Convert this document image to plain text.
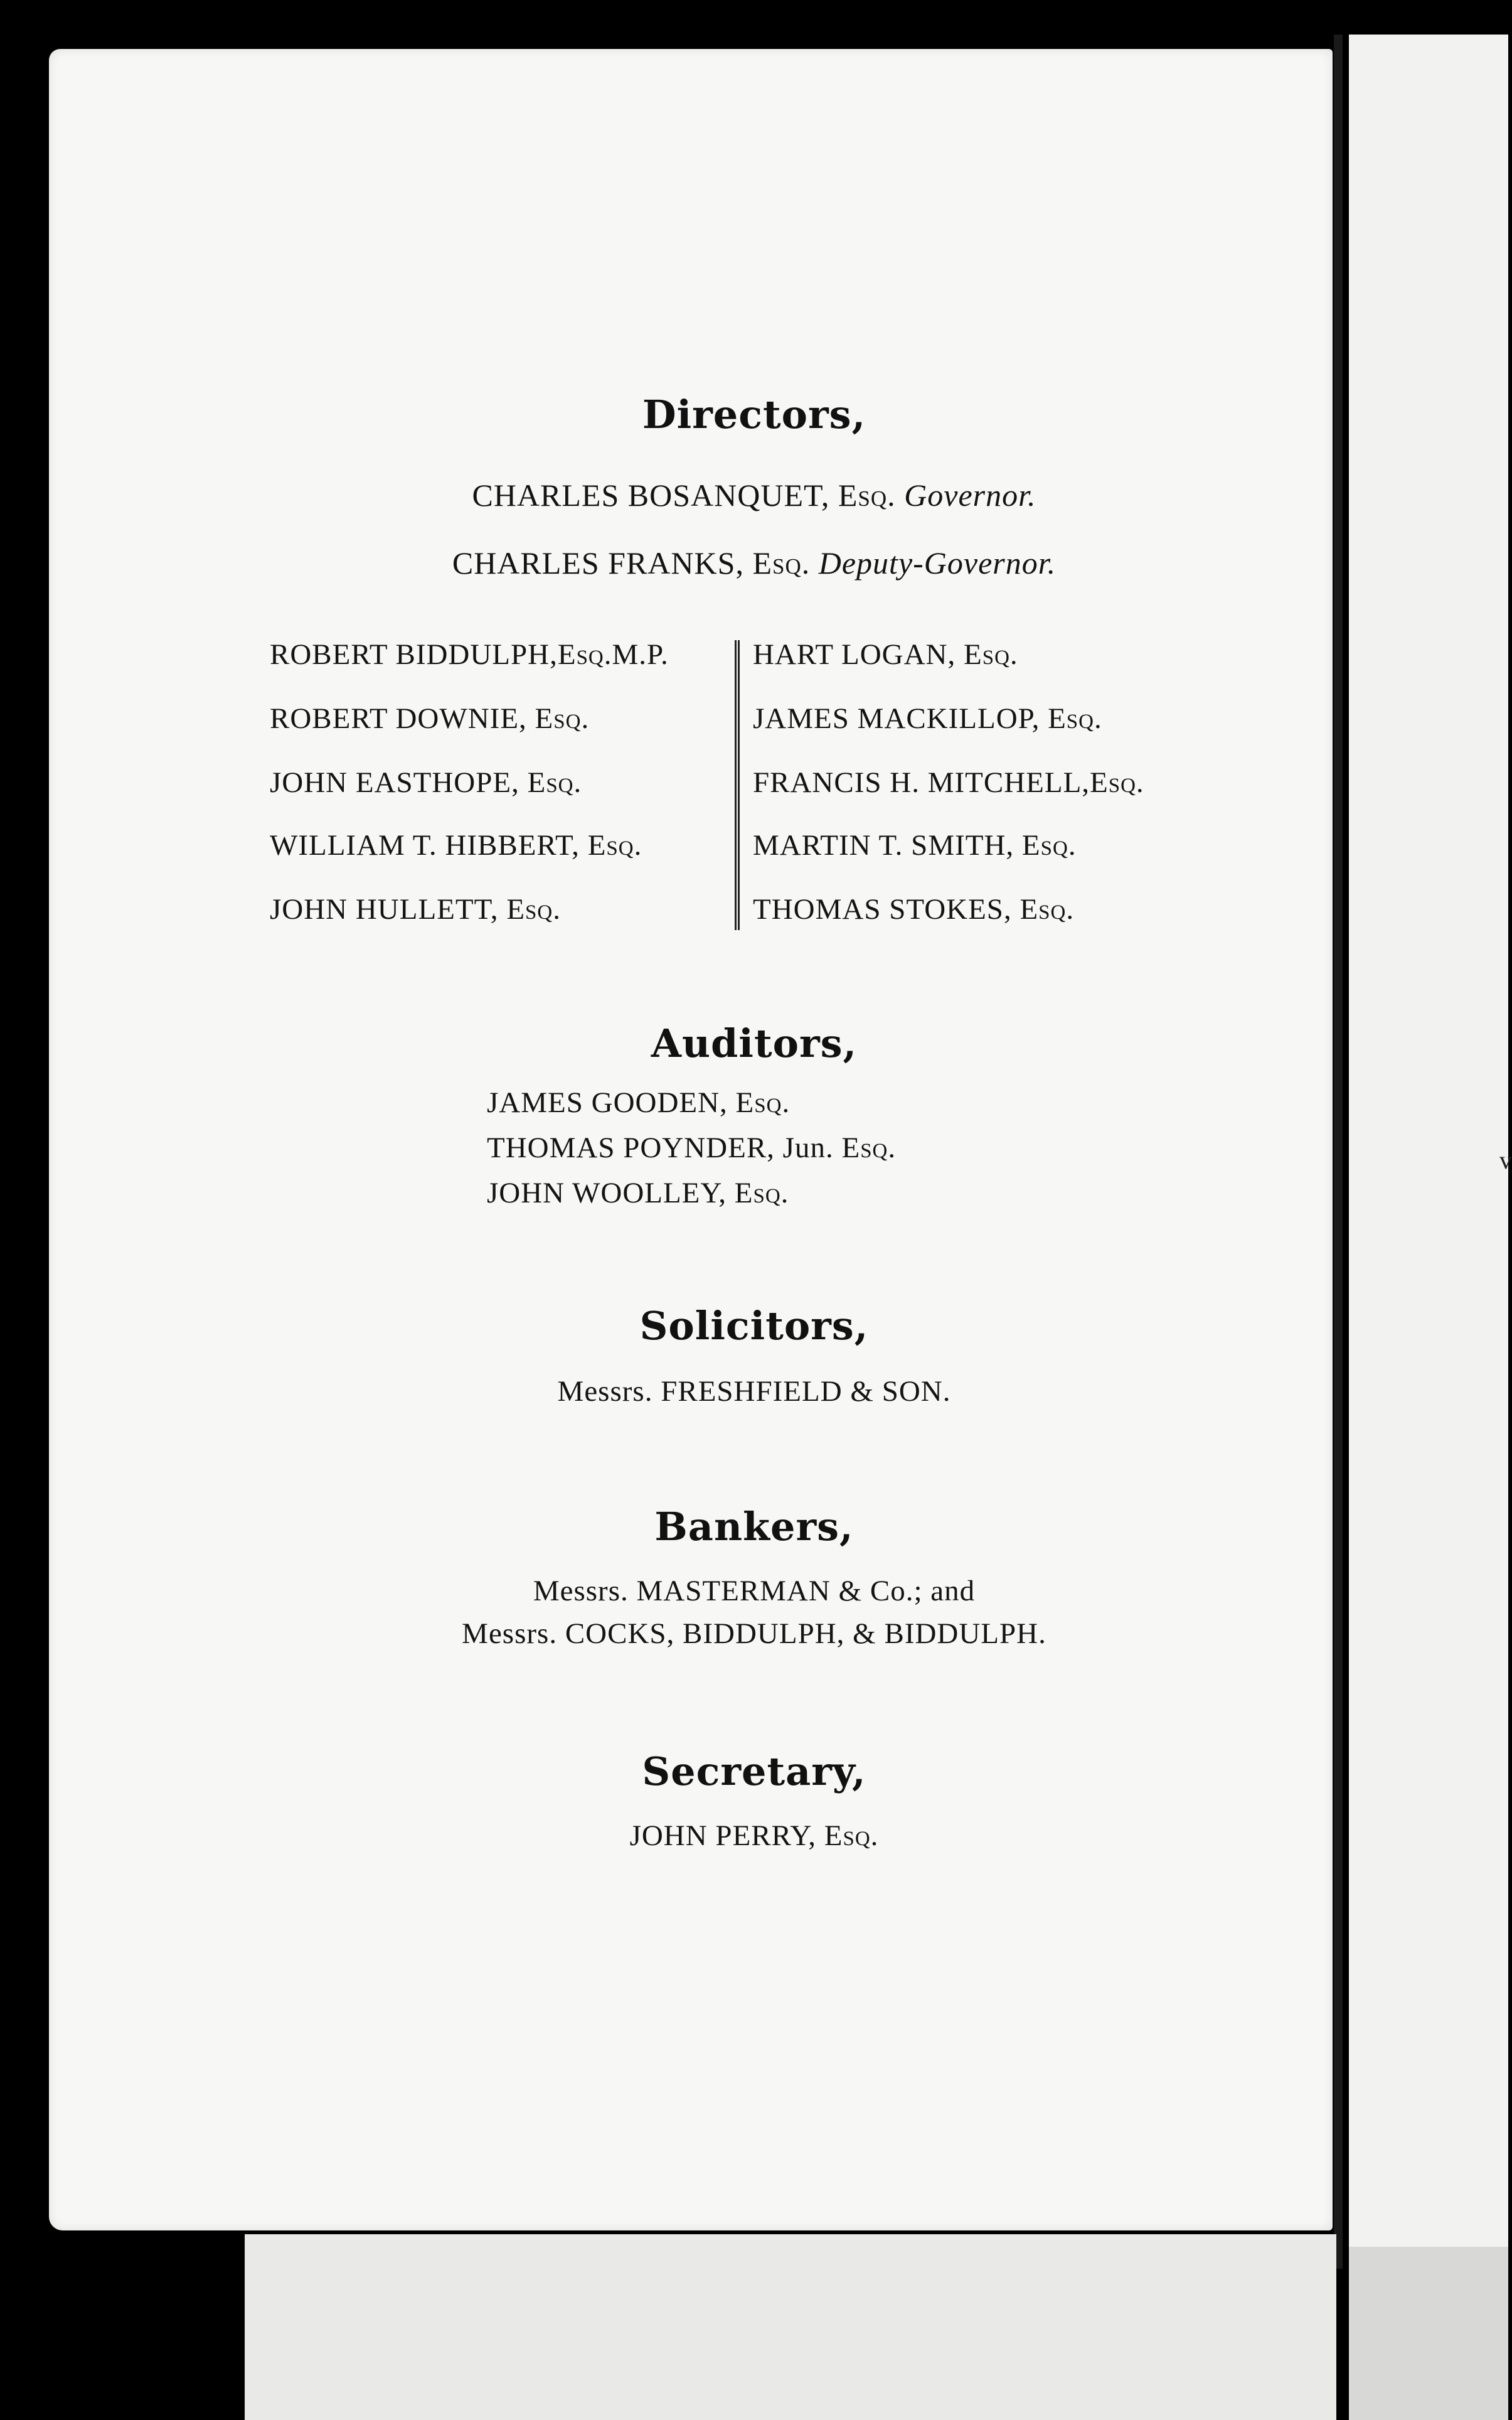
v
Directors,
CHARLES BOSANQUET, Esq. Governor.
CHARLES FRANKS, Esq. Deputy-Governor.
ROBERT BIDDULPH,Esq.M.P.
ROBERT DOWNIE, Esq.
JOHN EASTHOPE, Esq.
WILLIAM T. HIBBERT, Esq.
JOHN HULLETT, Esq.
HART LOGAN, Esq.
JAMES MACKILLOP, Esq.
FRANCIS H. MITCHELL,Esq.
MARTIN T. SMITH, Esq.
THOMAS STOKES, Esq.
Auditors,
JAMES GOODEN, Esq.
THOMAS POYNDER, Jun. Esq.
JOHN WOOLLEY, Esq.
Solicitors,
Messrs. FRESHFIELD & SON.
Bankers,
Messrs. MASTERMAN & Co.; and
Messrs. COCKS, BIDDULPH, & BIDDULPH.
Secretary,
JOHN PERRY, Esq.
